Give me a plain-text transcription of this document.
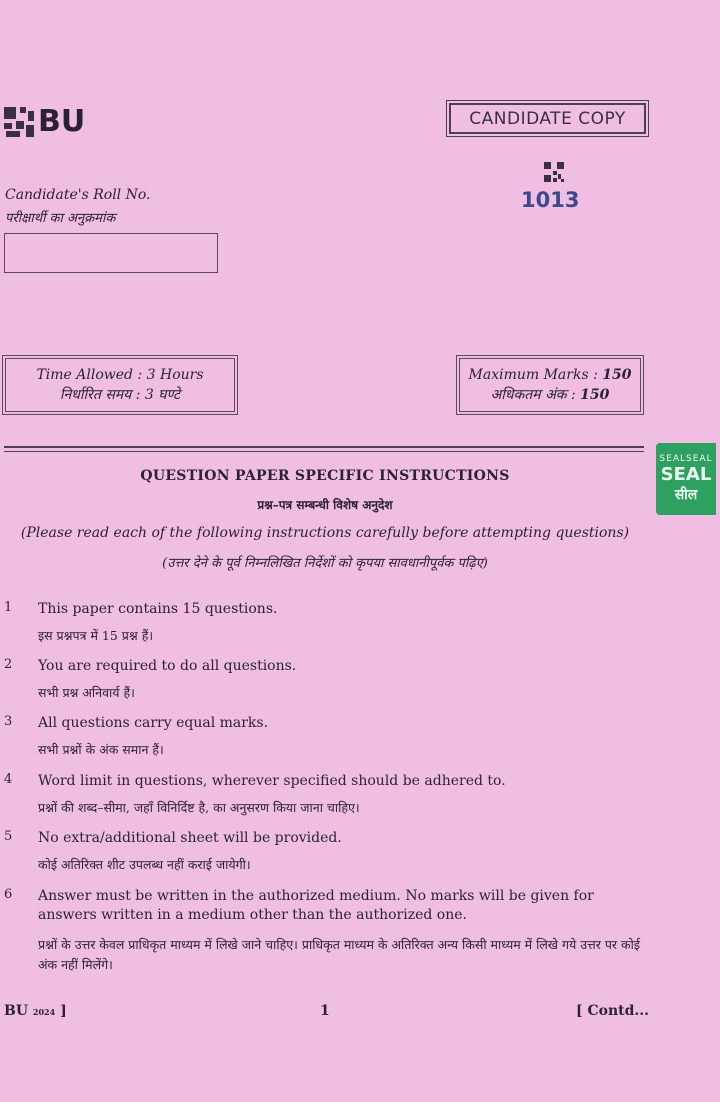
BU	CANDIDATE COPY
1013
Candidate's Roll No.
परीक्षार्थी का अनुक्रमांक
Time Allowed : 3 Hours
निर्धारित समय : 3 घण्टे
Maximum Marks : 150
अधिकतम अंक : 150
SEALSEAL
SEAL
सील
QUESTION PAPER SPECIFIC INSTRUCTIONS
प्रश्न–पत्र सम्बन्धी विशेष अनुदेश
(Please read each of the following instructions carefully before attempting questions)
(उत्तर देने के पूर्व निम्नलिखित निर्देशों को कृपया सावधानीपूर्वक पढ़िए)
1 This paper contains 15 questions.
इस प्रश्नपत्र में 15 प्रश्न हैं।
2 You are required to do all questions.
सभी प्रश्न अनिवार्य हैं।
3 All questions carry equal marks.
सभी प्रश्नों के अंक समान हैं।
4 Word limit in questions, wherever specified should be adhered to.
प्रश्नों की शब्द–सीमा, जहाँ विनिर्दिष्ट है, का अनुसरण किया जाना चाहिए।
5 No extra/additional sheet will be provided.
कोई अतिरिक्त शीट उपलब्ध नहीं कराई जायेगी।
6 Answer must be written in the authorized medium. No marks will be given for answers written in a medium other than the authorized one.
प्रश्नों के उत्तर केवल प्राधिकृत माध्यम में लिखे जाने चाहिए। प्राधिकृत माध्यम के अतिरिक्त अन्य किसी माध्यम में लिखे गये उत्तर पर कोई अंक नहीं मिलेंगे।
BU 2024 ]	1	[ Contd...
